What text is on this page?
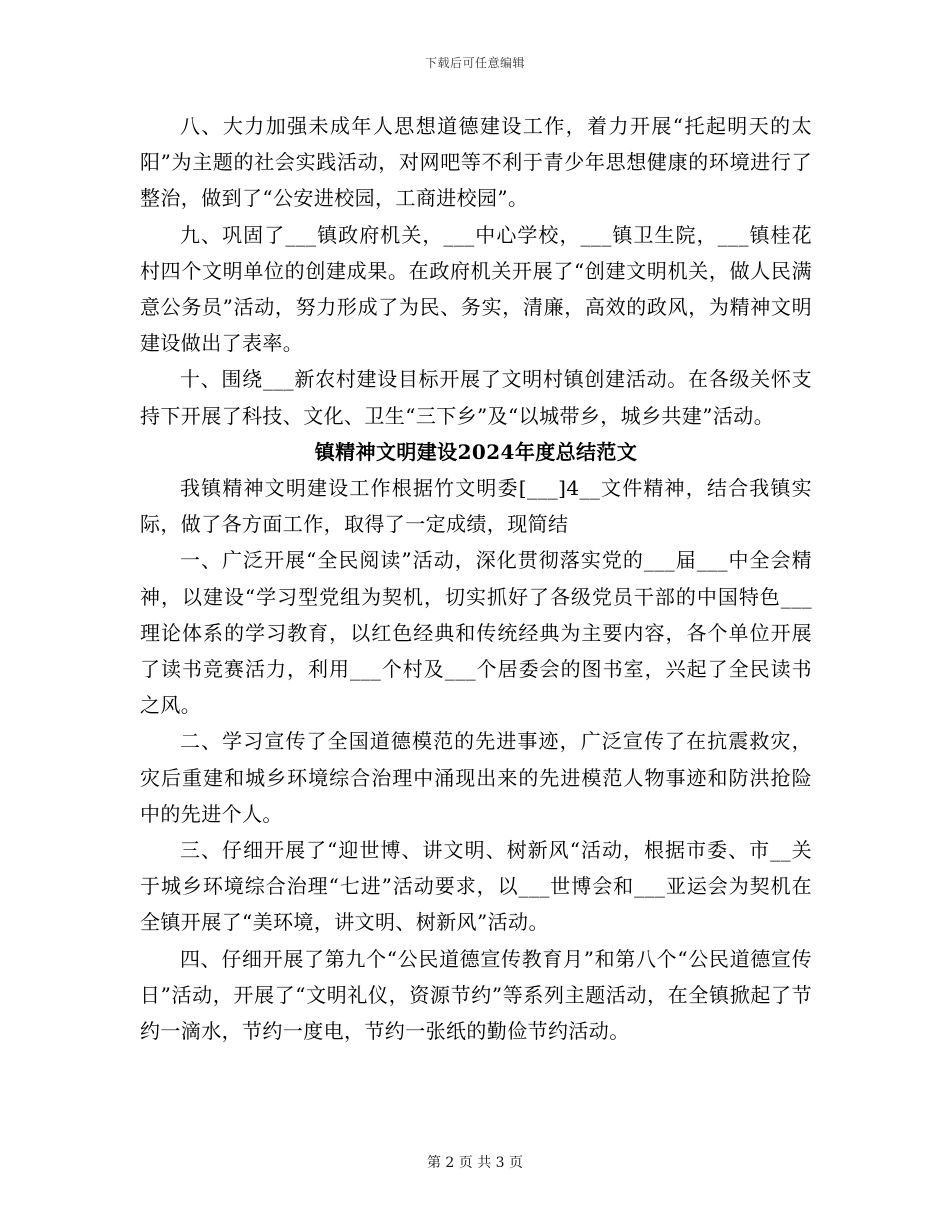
下载后可任意编辑

八、大力加强未成年人思想道德建设工作，着力开展“托起明天的太阳”为主题的社会实践活动，对网吧等不利于青少年思想健康的环境进行了整治，做到了“公安进校园，工商进校园”。

九、巩固了___镇政府机关，___中心学校，___镇卫生院，___镇桂花村四个文明单位的创建成果。在政府机关开展了“创建文明机关，做人民满意公务员”活动，努力形成了为民、务实，清廉，高效的政风，为精神文明建设做出了表率。

十、围绕___新农村建设目标开展了文明村镇创建活动。在各级关怀支持下开展了科技、文化、卫生“三下乡”及“以城带乡，城乡共建”活动。

镇精神文明建设2024年度总结范文

我镇精神文明建设工作根据竹文明委[___]4__文件精神，结合我镇实际，做了各方面工作，取得了一定成绩，现简结

一、广泛开展“全民阅读”活动，深化贯彻落实党的___届___中全会精神，以建设“学习型党组为契机，切实抓好了各级党员干部的中国特色___理论体系的学习教育，以红色经典和传统经典为主要内容，各个单位开展了读书竞赛活力，利用___个村及___个居委会的图书室，兴起了全民读书之风。

二、学习宣传了全国道德模范的先进事迹，广泛宣传了在抗震救灾，灾后重建和城乡环境综合治理中涌现出来的先进模范人物事迹和防洪抢险中的先进个人。

三、仔细开展了“迎世博、讲文明、树新风“活动，根据市委、市__关于城乡环境综合治理“七进”活动要求，以___世博会和___亚运会为契机在全镇开展了“美环境，讲文明、树新风”活动。

四、仔细开展了第九个“公民道德宣传教育月”和第八个“公民道德宣传日”活动，开展了“文明礼仪，资源节约”等系列主题活动，在全镇掀起了节约一滴水，节约一度电，节约一张纸的勤俭节约活动。

第 2 页 共 3 页
